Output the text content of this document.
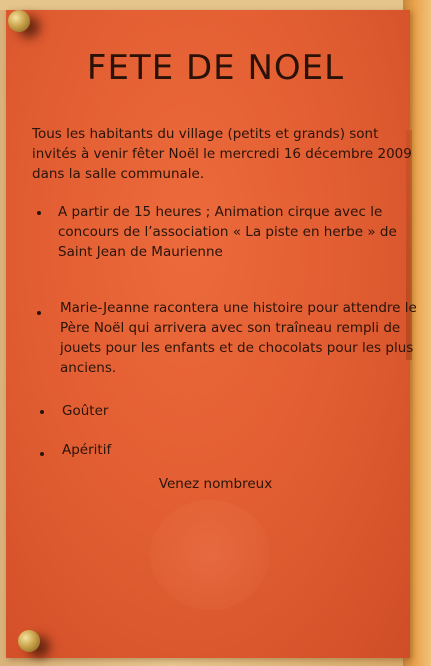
FETE DE NOEL
Tous les habitants du village (petits et grands) sont invités à venir fêter Noël le mercredi 16 décembre 2009 dans la salle communale.
A partir de 15 heures ; Animation cirque avec le concours de l’association « La piste en herbe » de Saint Jean de Maurienne
Marie-Jeanne racontera une histoire pour attendre le Père Noël qui arrivera avec son traîneau rempli de jouets pour les enfants et de chocolats pour les plus anciens.
Goûter
Apéritif
Venez nombreux
